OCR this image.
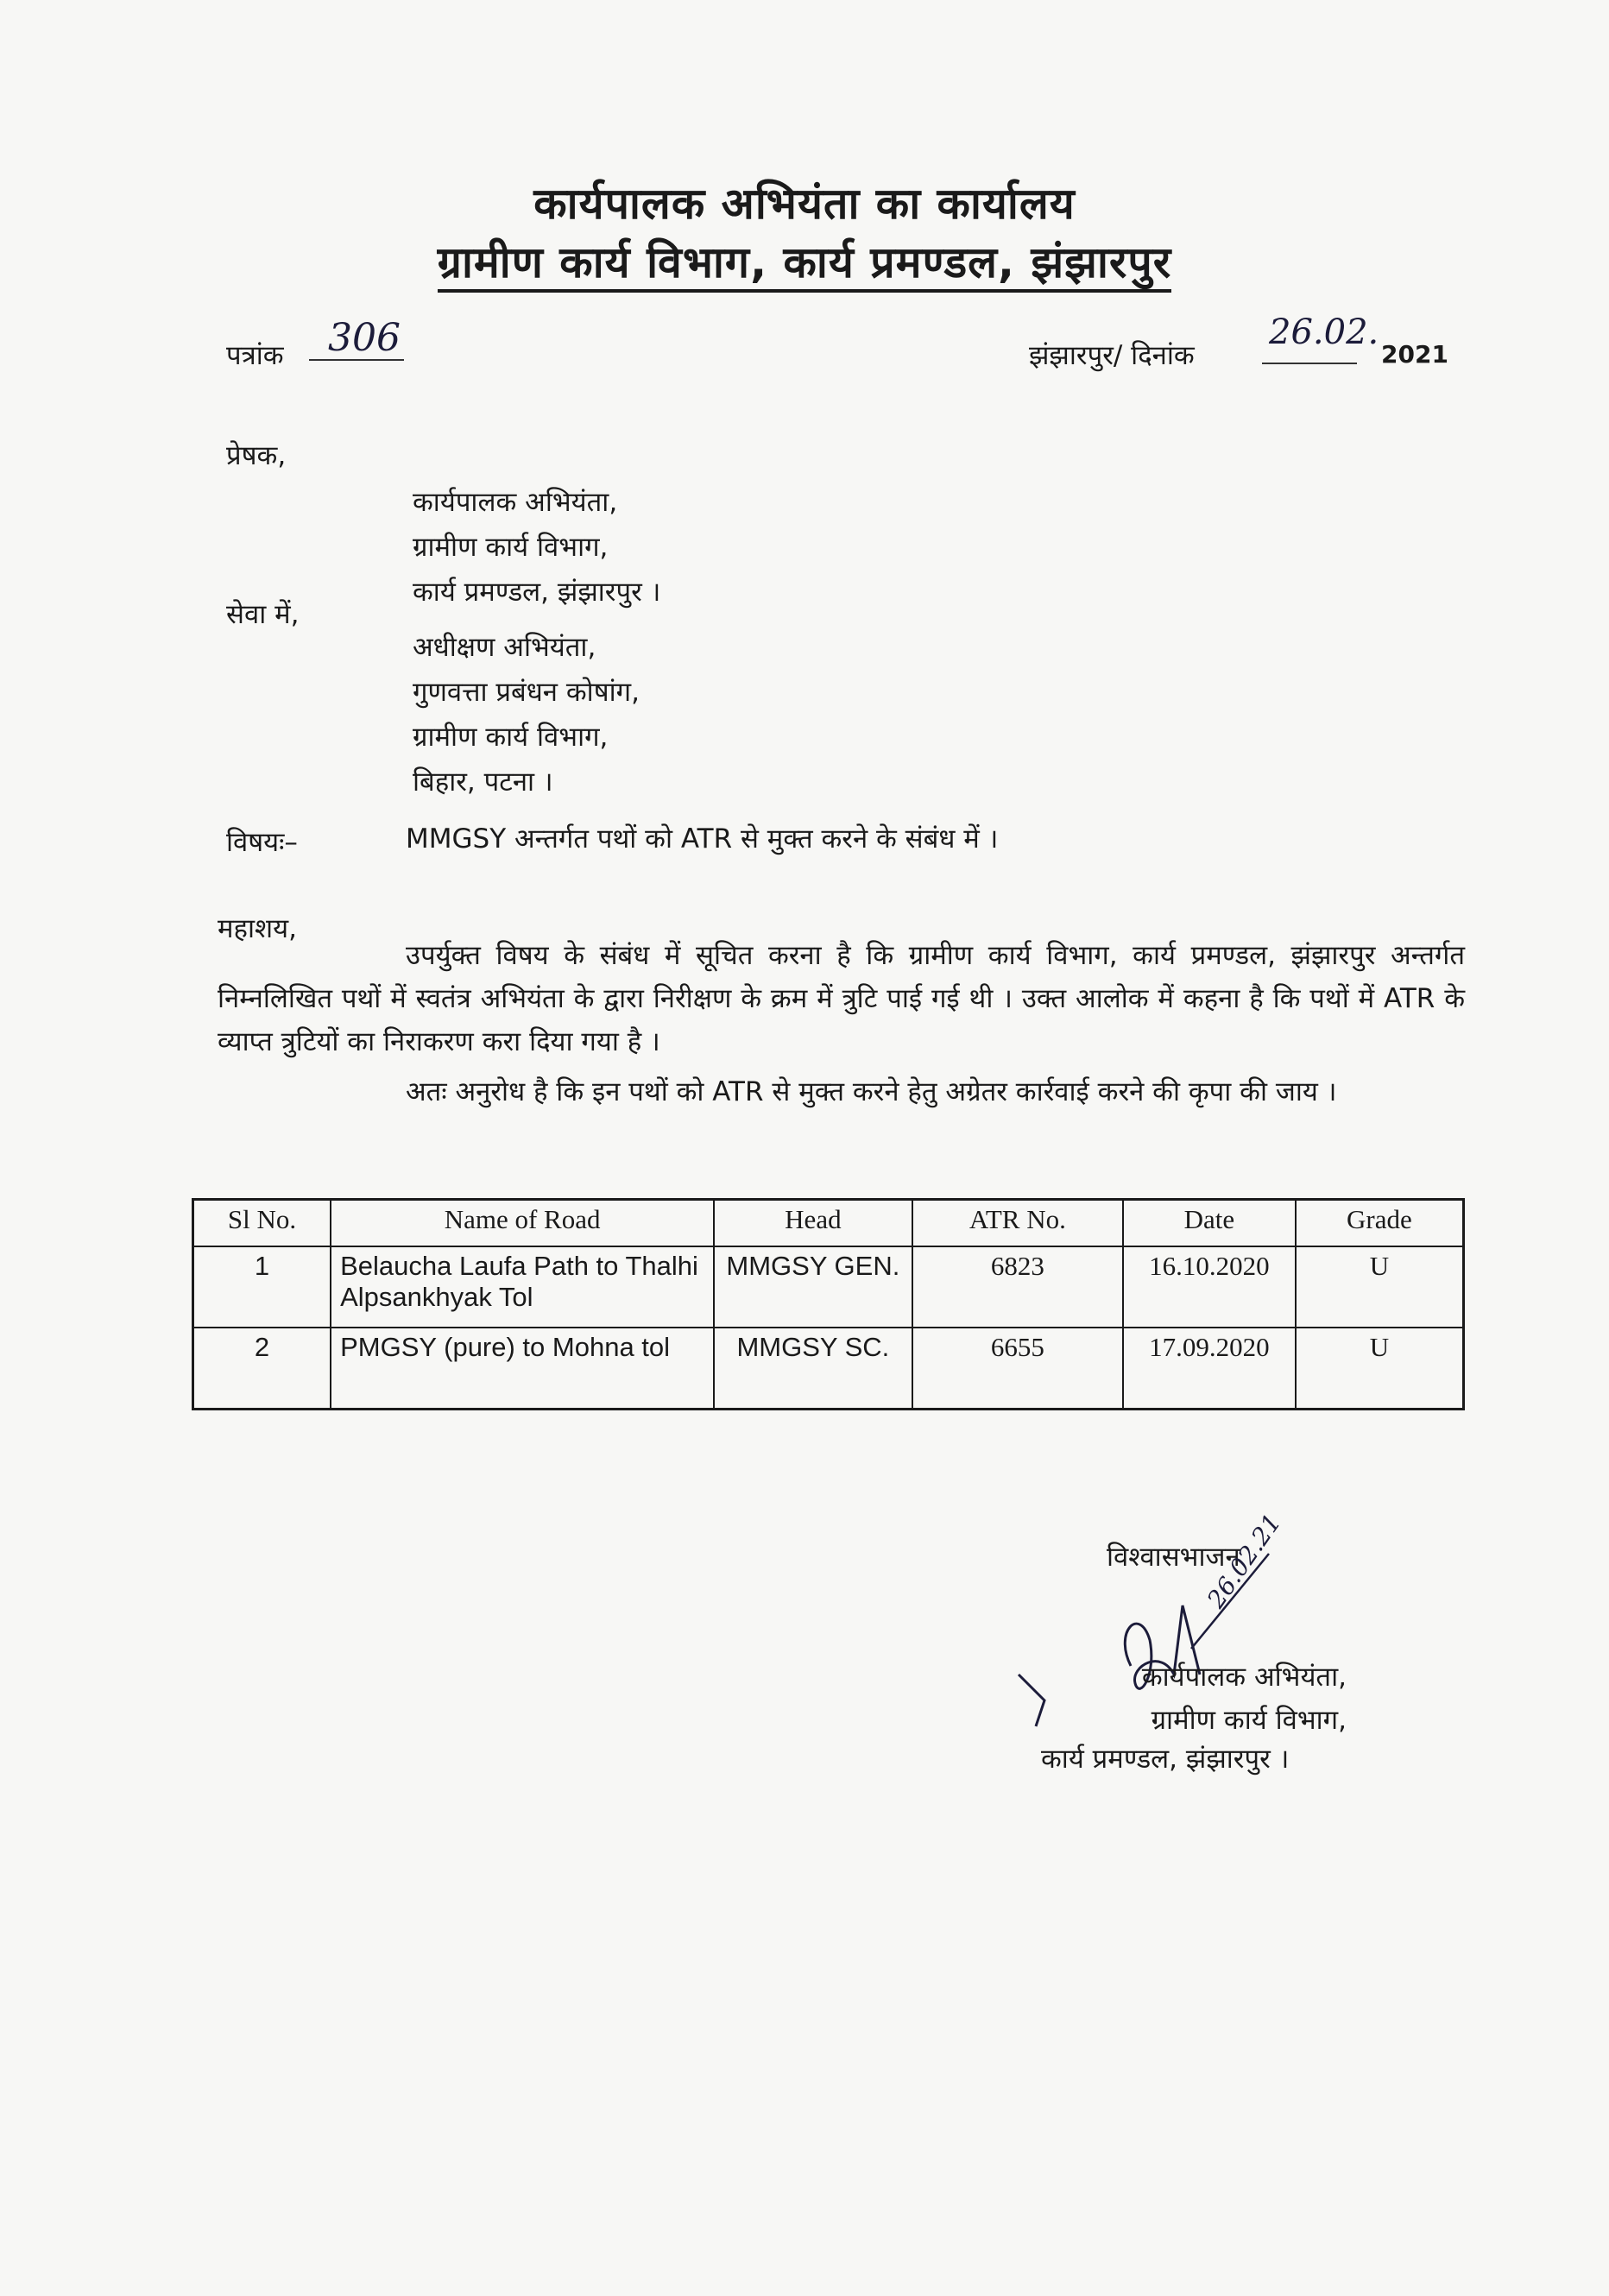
कार्यपालक अभियंता का कार्यालय
ग्रामीण कार्य विभाग, कार्य प्रमण्डल, झंझारपुर
पत्रांक 306	झंझारपुर/ दिनांक
26.02.
2021
प्रेषक,
कार्यपालक अभियंता,
ग्रामीण कार्य विभाग,
कार्य प्रमण्डल, झंझारपुर ।
सेवा में,
अधीक्षण अभियंता,
गुणवत्ता प्रबंधन कोषांग,
ग्रामीण कार्य विभाग,
बिहार, पटना ।
विषयः–	MMGSY अन्तर्गत पथों को ATR से मुक्त करने के संबंध में ।
महाशय,
उपर्युक्त विषय के संबंध में सूचित करना है कि ग्रामीण कार्य विभाग, कार्य प्रमण्डल, झंझारपुर अन्तर्गत निम्नलिखित पथों में स्वतंत्र अभियंता के द्वारा निरीक्षण के क्रम में त्रुटि पाई गई थी । उक्त आलोक में कहना है कि पथों में ATR के व्याप्त त्रुटियों का निराकरण करा दिया गया है ।
अतः अनुरोध है कि इन पथों को ATR से मुक्त करने हेतु अग्रेतर कार्रवाई करने की कृपा की जाय ।
Sl No.	Name of Road	Head	ATR No.	Date	Grade
1	Belaucha Laufa Path to Thalhi Alpsankhyak Tol	MMGSY GEN.	6823	16.10.2020	U
2	PMGSY (pure) to Mohna tol	MMGSY SC.	6655	17.09.2020	U
विश्वासभाजन
26.02.21
कार्यपालक अभियंता,
ग्रामीण कार्य विभाग,
कार्य प्रमण्डल, झंझारपुर ।
